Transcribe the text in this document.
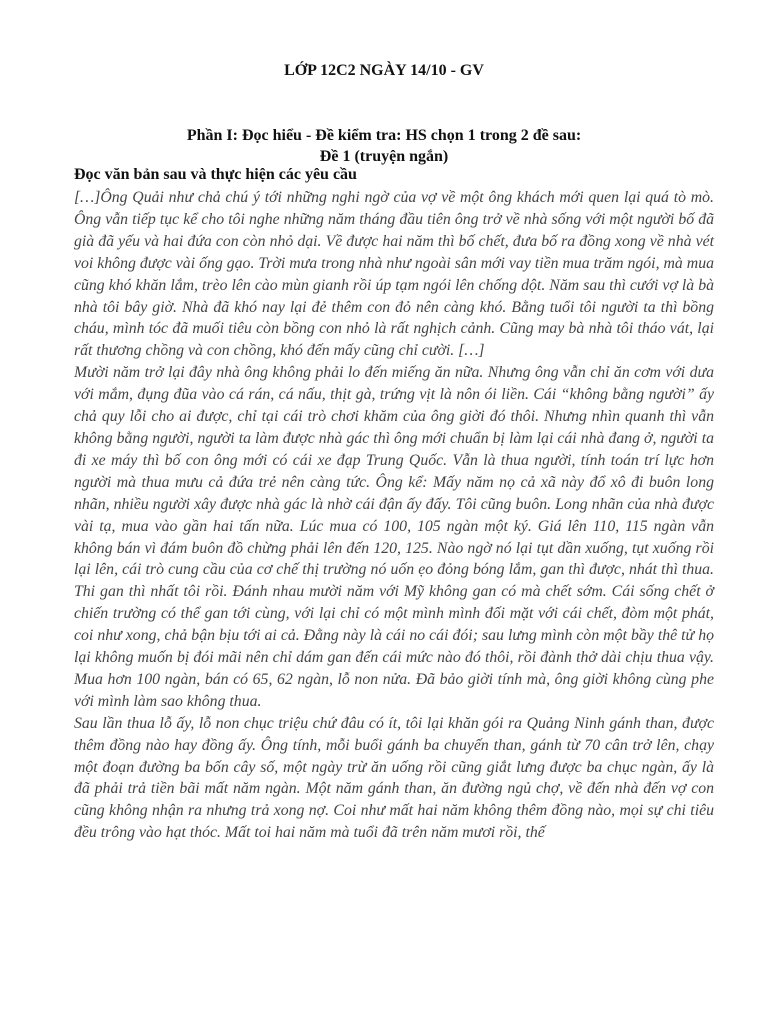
LỚP 12C2 NGÀY 14/10 - GV
Phần I: Đọc hiểu - Đề kiểm tra: HS chọn 1 trong 2 đề sau:
Đề 1 (truyện ngắn)
Đọc văn bản sau và thực hiện các yêu cầu

[…]Ông Quải như chả chú ý tới những nghi ngờ của vợ về một ông khách mới quen lại quá tò mò. Ông vẫn tiếp tục kể cho tôi nghe những năm tháng đầu tiên ông trở về nhà sống với một người bố đã già đã yếu và hai đứa con còn nhỏ dại. Về được hai năm thì bố chết, đưa bố ra đồng xong về nhà vét voi không được vài ống gạo. Trời mưa trong nhà như ngoài sân mới vay tiền mua trăm ngói, mà mua cũng khó khăn lắm, trèo lên cào mùn gianh rồi úp tạm ngói lên chống dột. Năm sau thì cưới vợ là bà nhà tôi bây giờ. Nhà đã khó nay lại đẻ thêm con đỏ nên càng khó. Bằng tuổi tôi người ta thì bồng cháu, mình tóc đã muối tiêu còn bồng con nhỏ là rất nghịch cảnh. Cũng may bà nhà tôi tháo vát, lại rất thương chồng và con chồng, khó đến mấy cũng chỉ cười. […]

Mười năm trở lại đây nhà ông không phải lo đến miếng ăn nữa. Nhưng ông vẫn chỉ ăn cơm với dưa với mắm, đụng đũa vào cá rán, cá nấu, thịt gà, trứng vịt là nôn ói liền. Cái “không bằng người” ấy chả quy lỗi cho ai được, chỉ tại cái trò chơi khăm của ông giời đó thôi. Nhưng nhìn quanh thì vẫn không bằng người, người ta làm được nhà gác thì ông mới chuẩn bị làm lại cái nhà đang ở, người ta đi xe máy thì bố con ông mới có cái xe đạp Trung Quốc. Vẫn là thua người, tính toán trí lực hơn người mà thua mưu cả đứa trẻ nên càng tức. Ông kể: Mấy năm nọ cả xã này đổ xô đi buôn long nhãn, nhiều người xây được nhà gác là nhờ cái đận ấy đấy. Tôi cũng buôn. Long nhãn của nhà được vài tạ, mua vào gần hai tấn nữa. Lúc mua có 100, 105 ngàn một ký. Giá lên 110, 115 ngàn vẫn không bán vì đám buôn đồ chừng phải lên đến 120, 125. Nào ngờ nó lại tụt dần xuống, tụt xuống rồi lại lên, cái trò cung cầu của cơ chế thị trường nó uốn ẹo đỏng bóng lắm, gan thì được, nhát thì thua. Thi gan thì nhất tôi rồi. Đánh nhau mười năm với Mỹ không gan có mà chết sớm. Cái sống chết ở chiến trường có thể gan tới cùng, với lại chỉ có một mình mình đối mặt với cái chết, đòm một phát, coi như xong, chả bận bịu tới ai cả. Đằng này là cái no cái đói; sau lưng mình còn một bầy thê tử họ lại không muốn bị đói mãi nên chỉ dám gan đến cái mức nào đó thôi, rồi đành thở dài chịu thua vậy. Mua hơn 100 ngàn, bán có 65, 62 ngàn, lỗ non nửa. Đã bảo giời tính mà, ông giời không cùng phe với mình làm sao không thua.

Sau lần thua lỗ ấy, lỗ non chục triệu chứ đâu có ít, tôi lại khăn gói ra Quảng Ninh gánh than, được thêm đồng nào hay đồng ấy. Ông tính, mỗi buổi gánh ba chuyến than, gánh từ 70 cân trở lên, chạy một đoạn đường ba bốn cây số, một ngày trừ ăn uống rồi cũng giắt lưng được ba chục ngàn, ấy là đã phải trả tiền bãi mất năm ngàn. Một năm gánh than, ăn đường ngủ chợ, về đến nhà đến vợ con cũng không nhận ra nhưng trả xong nợ. Coi như mất hai năm không thêm đồng nào, mọi sự chi tiêu đều trông vào hạt thóc. Mất toi hai năm mà tuổi đã trên năm mươi rồi, thế
